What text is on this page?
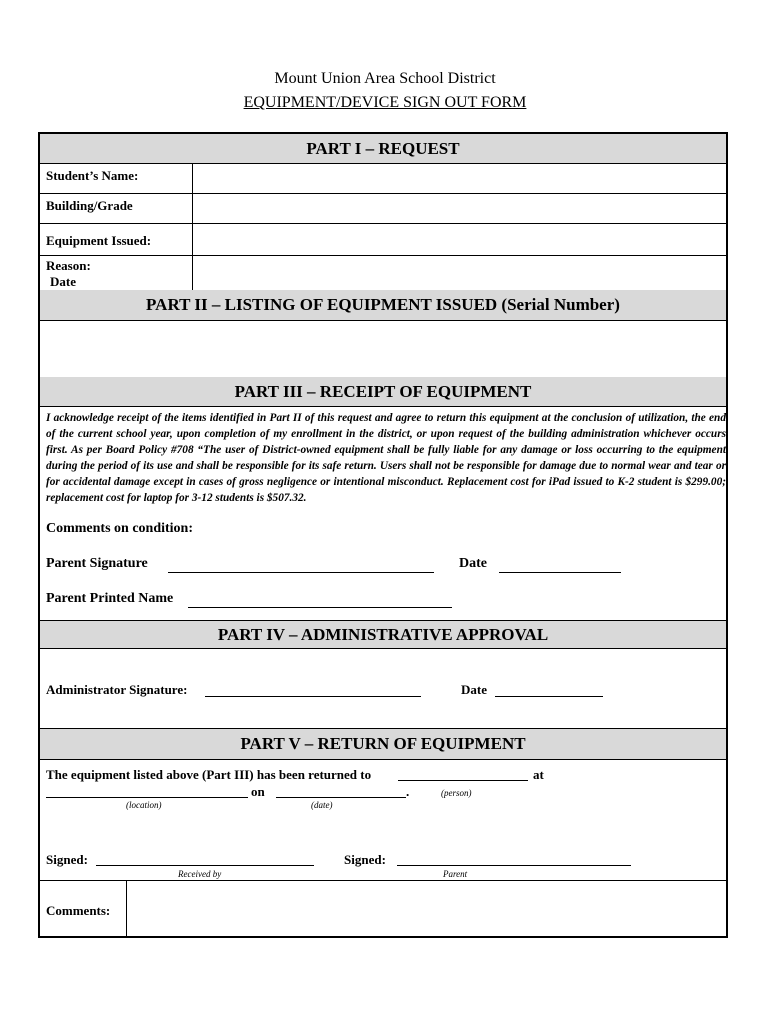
Mount Union Area School District
EQUIPMENT/DEVICE SIGN OUT FORM
PART I – REQUEST
Student’s Name:
Building/Grade
Equipment Issued:
Reason:
Date
PART II – LISTING OF EQUIPMENT ISSUED (Serial Number)
PART III – RECEIPT OF EQUIPMENT
I acknowledge receipt of the items identified in Part II of this request and agree to return this equipment at the conclusion of utilization, the end of the current school year, upon completion of my enrollment in the district, or upon request of the building administration whichever occurs first. As per Board Policy #708 “The user of District-owned equipment shall be fully liable for any damage or loss occurring to the equipment during the period of its use and shall be responsible for its safe return. Users shall not be responsible for damage due to normal wear and tear or for accidental damage except in cases of gross negligence or intentional misconduct. Replacement cost for iPad issued to K-2 student is $299.00; replacement cost for laptop for 3-12 students is $507.32.
Comments on condition:
Parent Signature	Date
Parent Printed Name
PART IV – ADMINISTRATIVE APPROVAL
Administrator Signature:	Date
PART V – RETURN OF EQUIPMENT
The equipment listed above (Part III) has been returned to	at
on	.	(person)
(location)	(date)
Signed:	Signed:
Received by	Parent
Comments:
